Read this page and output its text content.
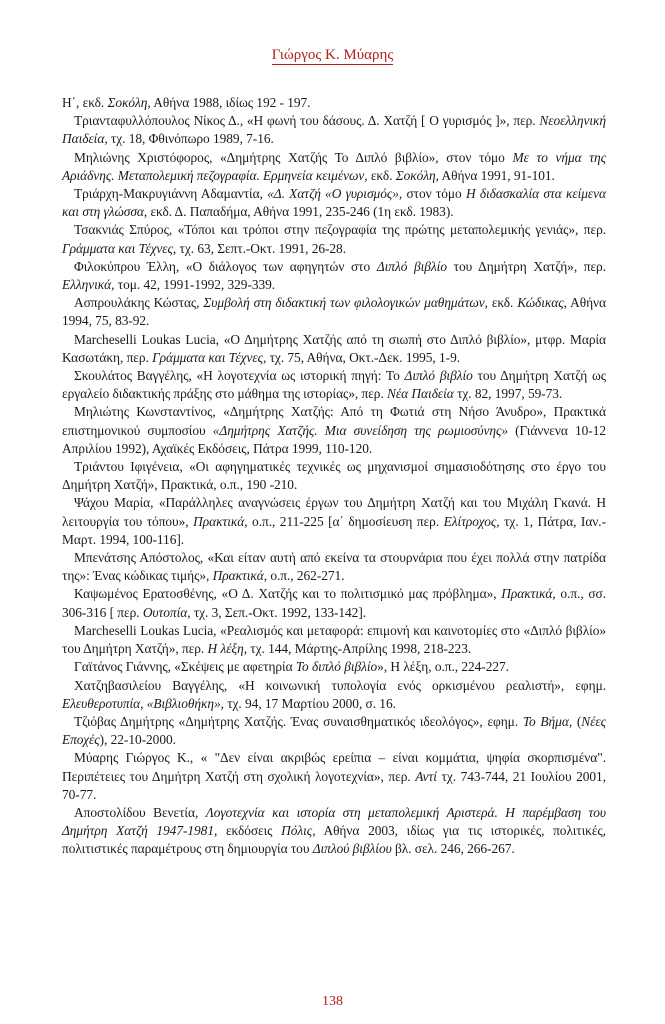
Γιώργος Κ. Μύαρης

Η΄, εκδ. Σοκόλη, Αθήνα 1988, ιδίως 192 - 197.

Τριανταφυλλόπουλος Νίκος Δ., «Η φωνή του δάσους. Δ. Χατζή [ Ο γυρισμός ]», περ. Νεοελληνική Παιδεία, τχ. 18, Φθινόπωρο 1989, 7-16.

Μηλιώνης Χριστόφορος, «Δημήτρης Χατζής Το Διπλό βιβλίο», στον τόμο Με το νήμα της Αριάδνης. Μεταπολεμική πεζογραφία. Ερμηνεία κειμένων, εκδ. Σοκόλη, Αθήνα 1991, 91-101.

Τριάρχη-Μακρυγιάννη Αδαμαντία, «Δ. Χατζή «Ο γυρισμός», στον τόμο Η διδασκαλία στα κείμενα και στη γλώσσα, εκδ. Δ. Παπαδήμα, Αθήνα 1991, 235-246 (1η εκδ. 1983).

Τσακνιάς Σπύρος, «Τόποι και τρόποι στην πεζογραφία της πρώτης μεταπολεμικής γενιάς», περ. Γράμματα και Τέχνες, τχ. 63, Σεπτ.-Οκτ. 1991, 26-28.

Φιλοκύπρου Έλλη, «Ο διάλογος των αφηγητών στο Διπλό βιβλίο του Δημήτρη Χατζή», περ. Ελληνικά, τομ. 42, 1991-1992, 329-339.

Ασπρουλάκης Κώστας, Συμβολή στη διδακτική των φιλολογικών μαθημάτων, εκδ. Κώδικας, Αθήνα 1994, 75, 83-92.

Marcheselli Loukas Lucia, «Ο Δημήτρης Χατζής από τη σιωπή στο Διπλό βιβλίο», μτφρ. Μαρία Κασωτάκη, περ. Γράμματα και Τέχνες, τχ. 75, Αθήνα, Οκτ.-Δεκ. 1995, 1-9.

Σκουλάτος Βαγγέλης, «Η λογοτεχνία ως ιστορική πηγή: Το Διπλό βιβλίο του Δημήτρη Χατζή ως εργαλείο διδακτικής πράξης στο μάθημα της ιστορίας», περ. Νέα Παιδεία τχ. 82, 1997, 59-73.

Μηλιώτης Κωνσταντίνος, «Δημήτρης Χατζής: Από τη Φωτιά στη Νήσο Άνυδρο», Πρακτικά επιστημονικού συμποσίου «Δημήτρης Χατζής. Μια συνείδηση της ρωμιοσύνης» (Γιάννενα 10-12 Απριλίου 1992), Αχαϊκές Εκδόσεις, Πάτρα 1999, 110-120.

Τριάντου Ιφιγένεια, «Οι αφηγηματικές τεχνικές ως μηχανισμοί σημασιοδότησης στο έργο του Δημήτρη Χατζή», Πρακτικά, ο.π., 190 -210.

Ψάχου Μαρία, «Παράλληλες αναγνώσεις έργων του Δημήτρη Χατζή και του Μιχάλη Γκανά. Η λειτουργία του τόπου», Πρακτικά, ο.π., 211-225 [α΄ δημοσίευση περ. Ελίτροχος, τχ. 1, Πάτρα, Ιαν.- Μαρτ. 1994, 100-116].

Μπενάτσης Απόστολος, «Και είταν αυτή από εκείνα τα στουρνάρια που έχει πολλά στην πατρίδα της»: Ένας κώδικας τιμής», Πρακτικά, ο.π., 262-271.

Καψωμένος Ερατοσθένης, «Ο Δ. Χατζής και το πολιτισμικό μας πρόβλημα», Πρακτικά, ο.π., σσ. 306-316 [ περ. Ουτοπία, τχ. 3, Σεπ.-Οκτ. 1992, 133-142].

Marcheselli Loukas Lucia, «Ρεαλισμός και μεταφορά: επιμονή και καινοτομίες στο «Διπλό βιβλίο» του Δημήτρη Χατζή», περ. Η λέξη, τχ. 144, Μάρτης-Απρίλης 1998, 218-223.

Γαϊτάνος Γιάννης, «Σκέψεις με αφετηρία Το διπλό βιβλίο», Η λέξη, ο.π., 224-227.

Χατζηβασιλείου Βαγγέλης, «Η κοινωνική τυπολογία ενός ορκισμένου ρεαλιστή», εφημ. Ελευθεροτυπία, «Βιβλιοθήκη», τχ. 94, 17 Μαρτίου 2000, σ. 16.

Τζιόβας Δημήτρης «Δημήτρης Χατζής. Ένας συναισθηματικός ιδεολόγος», εφημ. Το Βήμα, (Νέες Εποχές), 22-10-2000.

Μύαρης Γιώργος Κ., « "Δεν είναι ακριβώς ερείπια – είναι κομμάτια, ψηφία σκορπισμένα". Περιπέτειες του Δημήτρη Χατζή στη σχολική λογοτεχνία», περ. Αντί τχ. 743-744, 21 Ιουλίου 2001, 70-77.

Αποστολίδου Βενετία, Λογοτεχνία και ιστορία στη μεταπολεμική Αριστερά. Η παρέμβαση του Δημήτρη Χατζή 1947-1981, εκδόσεις Πόλις, Αθήνα 2003, ιδίως για τις ιστορικές, πολιτικές, πολιτιστικές παραμέτρους στη δημιουργία του Διπλού βιβλίου βλ. σελ. 246, 266-267.

138
